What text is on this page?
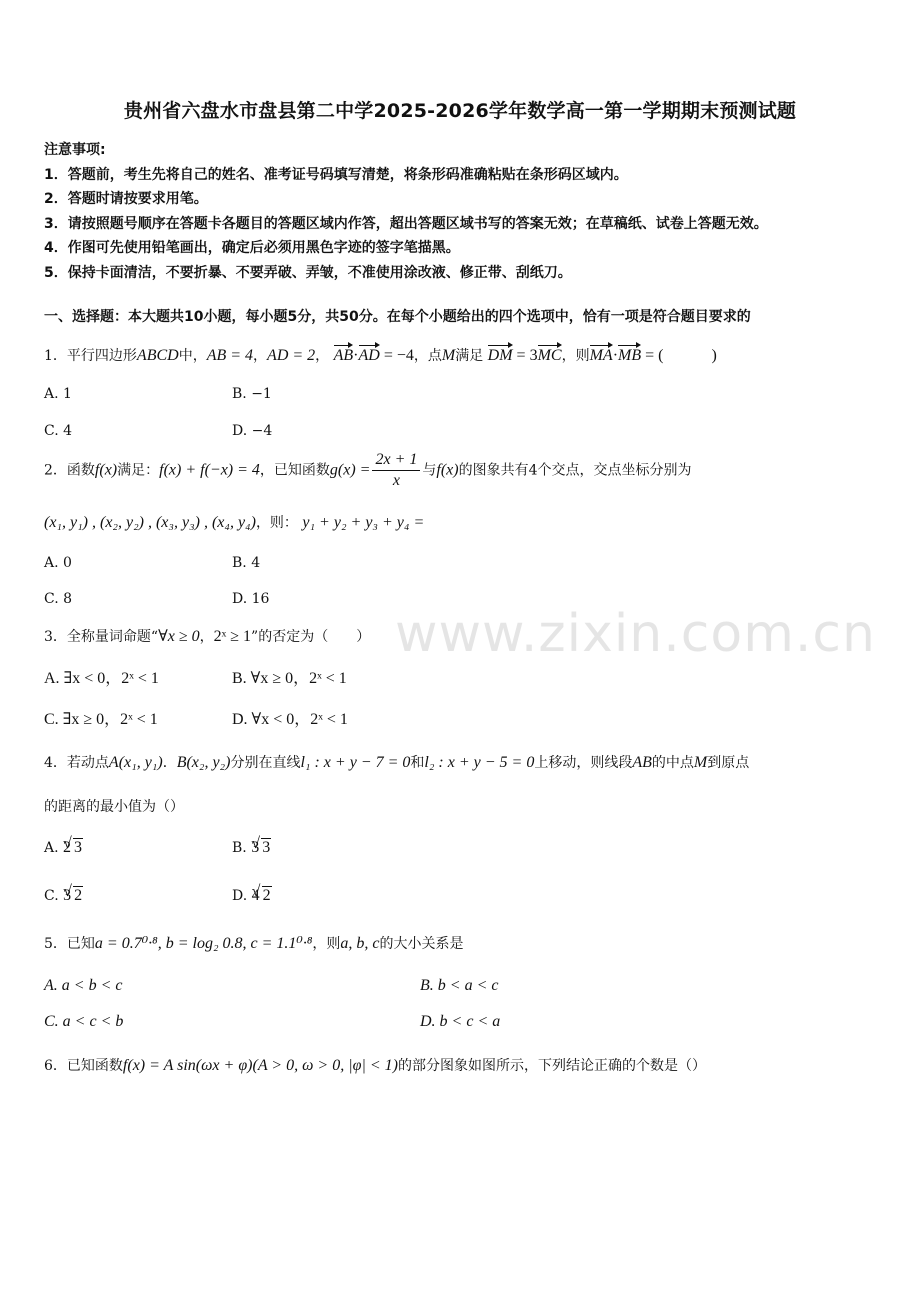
贵州省六盘水市盘县第二中学2025-2026学年数学高一第一学期期末预测试题
注意事项:
1．答题前，考生先将自己的姓名、准考证号码填写清楚，将条形码准确粘贴在条形码区域内。
2．答题时请按要求用笔。
3．请按照题号顺序在答题卡各题目的答题区域内作答，超出答题区域书写的答案无效；在草稿纸、试卷上答题无效。
4．作图可先使用铅笔画出，确定后必须用黑色字迹的签字笔描黑。
5．保持卡面清洁，不要折暴、不要弄破、弄皱，不准使用涂改液、修正带、刮纸刀。
一、选择题：本大题共10小题，每小题5分，共50分。在每个小题给出的四个选项中，恰有一项是符合题目要求的
1．平行四边形ABCD中，AB = 4，AD = 2， AB·AD = −4，点M满足 DM = 3MC，则MA·MB = (　　　)
A. 1	B. −1
C. 4	D. −4
2．函数f(x)满足：f(x) + f(−x) = 4，已知函数$g(x) = \frac{2x + 1}{x}$ 与f(x)的图象共有4个交点，交点坐标分别为
(x₁, y₁) , (x₂, y₂) , (x₃, y₃) , (x₄, y₄)，则： y₁ + y₂ + y₃ + y₄ =
A. 0	B. 4
C. 8	D. 16
3．全称量词命题“∀x ≥ 0，2ˣ ≥ 1”的否定为（　　）
A. ∃x < 0，2ˣ < 1	B. ∀x ≥ 0，2ˣ < 1
C. ∃x ≥ 0，2ˣ < 1	D. ∀x < 0，2ˣ < 1
4．若动点A(x₁, y₁)．B(x₂, y₂)分别在直线l₁ : x + y − 7 = 0和l₂ : x + y − 5 = 0上移动，则线段AB的中点M到原点
的距离的最小值为（）
A. 2 √ 3	B. 3 √ 3
C. 3 √ 2	D. 4 √ 2
5．已知a = 0.7⁰·⁸, b = log₂ 0.8, c = 1.1⁰·⁸，则a, b, c的大小关系是
A. a < b < c	B. b < a < c
C. a < c < b	D. b < c < a
6．已知函数f(x) = A sin(ωx + φ)(A > 0, ω > 0, |φ| < 1)的部分图象如图所示，下列结论正确的个数是（）
www.zixin.com.cn
